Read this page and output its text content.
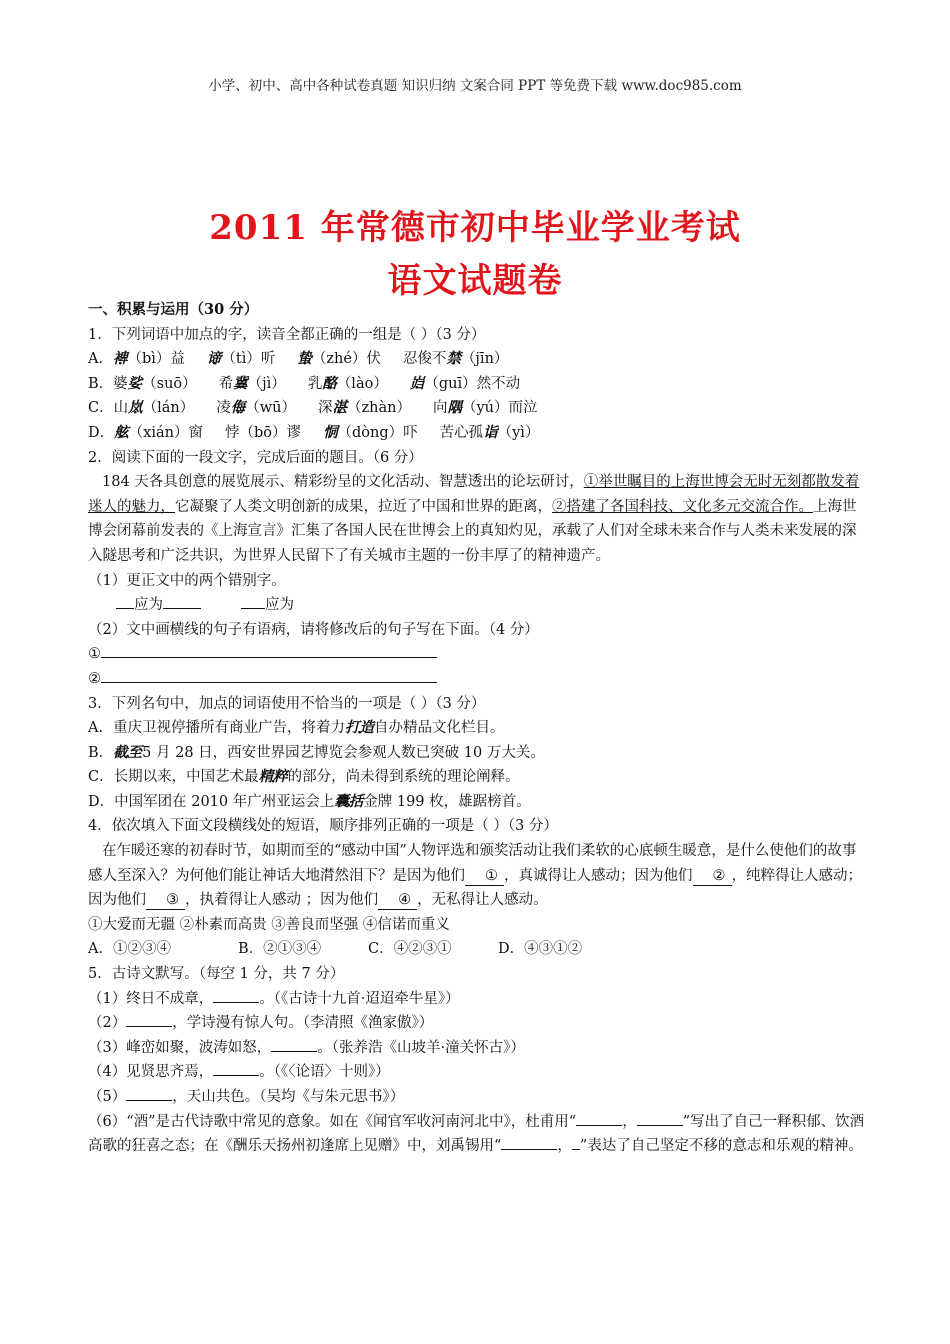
小学、初中、高中各种试卷真题 知识归纳 文案合同 PPT 等免费下载 www.doc985.com
2011 年常德市初中毕业学业考试
语文试题卷
一、积累与运用（30 分）
1．下列词语中加点的字，读音全都正确的一组是（ ）（3 分）
A．裨（bì）益 谛（tì）听 蛰（zhé）伏 忍俊不禁（jīn）
B．婆娑（suō） 希冀（jì） 乳酪（lào） 岿（guī）然不动
C．山岚（lán） 凌侮（wū） 深湛（zhàn） 向隅（yú）而泣
D．舷（xián）窗 悖（bō）谬 恫（dòng）吓 苦心孤诣（yì）
2．阅读下面的一段文字，完成后面的题目。（6 分）
184 天各具创意的展览展示、精彩纷呈的文化活动、智慧透出的论坛研讨，①举世瞩目的上海世博会无时无刻都散发着迷人的魅力，它凝聚了人类文明创新的成果，拉近了中国和世界的距离，②搭建了各国科技、文化多元交流合作。上海世博会闭幕前发表的《上海宣言》汇集了各国人民在世博会上的真知灼见，承载了人们对全球未来合作与人类未来发展的深入隧思考和广泛共识，为世界人民留下了有关城市主题的一份丰厚了的精神遗产。
（1）更正文中的两个错别字。
应为	应为
（2）文中画横线的句子有语病，请将修改后的句子写在下面。（4 分）
①
②
3．下列名句中，加点的词语使用不恰当的一项是（ ）（3 分）
A．重庆卫视停播所有商业广告，将着力打造自办精品文化栏目。
B．截至5 月 28 日，西安世界园艺博览会参观人数已突破 10 万大关。
C．长期以来，中国艺术最精粹的部分，尚未得到系统的理论阐释。
D．中国军团在 2010 年广州亚运会上囊括金牌 199 枚，雄踞榜首。
4．依次填入下面文段横线处的短语，顺序排列正确的一项是（ ）（3 分）
在乍暖还寒的初春时节，如期而至的“感动中国”人物评选和颁奖活动让我们柔软的心底顿生暖意，是什么使他们的故事感人至深入？为何他们能让神话大地潸然泪下？是因为他们 ① ，真诚得让人感动；因为他们 ② ，纯粹得让人感动；因为他们 ③ ，执着得让人感动 ；因为他们 ④ ，无私得让人感动。
①大爱而无疆 ②朴素而高贵 ③善良而坚强 ④信诺而重义
A．①②③④	B．②①③④	C．④②③①	D．④③①②
5．古诗文默写。（每空 1 分，共 7 分）
（1）终日不成章，	。（《古诗十九首·迢迢牵牛星》）
（2）	，学诗漫有惊人句。（李清照《渔家傲》）
（3）峰峦如聚，波涛如怒，	。（张养浩《山坡羊·潼关怀古》）
（4）见贤思齐焉，	。（《〈论语〉十则》）
（5）	，天山共色。（吴均《与朱元思书》）
（6）“酒”是古代诗歌中常见的意象。如在《闻官军收河南河北中》，杜甫用“	，	”写出了自己一释积郁、饮酒高歌的狂喜之态；在《酬乐天扬州初逢席上见赠》中，刘禹锡用“	， ”表达了自己坚定不移的意志和乐观的精神。
